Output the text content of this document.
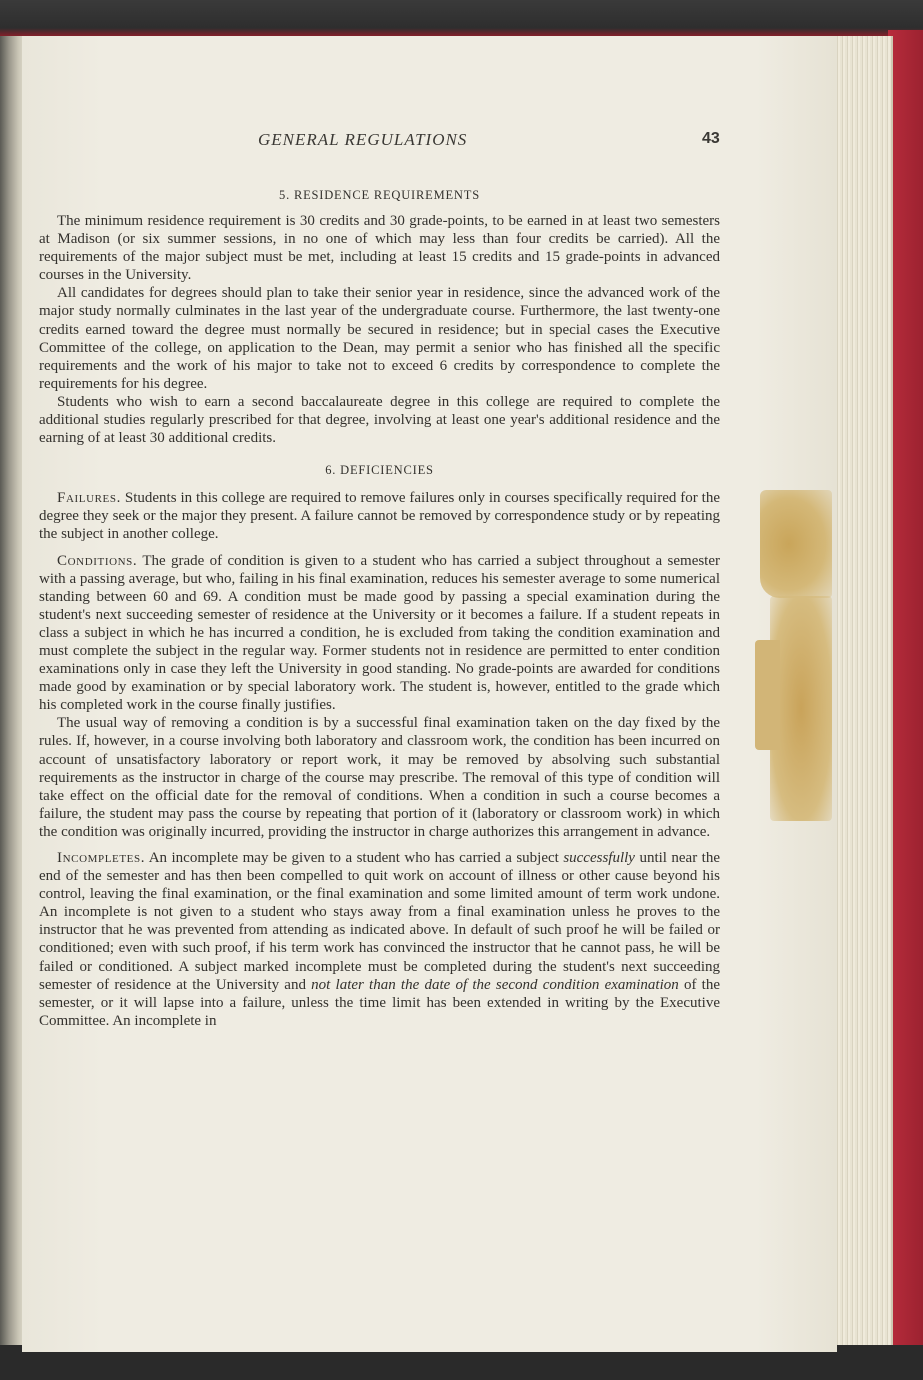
GENERAL REGULATIONS	43
5. RESIDENCE REQUIREMENTS

The minimum residence requirement is 30 credits and 30 grade-points, to be earned in at least two semesters at Madison (or six summer sessions, in no one of which may less than four credits be carried). All the requirements of the major subject must be met, including at least 15 credits and 15 grade-points in advanced courses in the University.

All candidates for degrees should plan to take their senior year in residence, since the advanced work of the major study normally culminates in the last year of the undergraduate course. Furthermore, the last twenty-one credits earned toward the degree must normally be secured in residence; but in special cases the Executive Committee of the college, on application to the Dean, may permit a senior who has finished all the specific requirements and the work of his major to take not to exceed 6 credits by correspondence to complete the requirements for his degree.

Students who wish to earn a second baccalaureate degree in this college are required to complete the additional studies regularly prescribed for that degree, involving at least one year's additional residence and the earning of at least 30 additional credits.

6. DEFICIENCIES

Failures. Students in this college are required to remove failures only in courses specifically required for the degree they seek or the major they present. A failure cannot be removed by correspondence study or by repeating the subject in another college.

Conditions. The grade of condition is given to a student who has carried a subject throughout a semester with a passing average, but who, failing in his final examination, reduces his semester average to some numerical standing between 60 and 69. A condition must be made good by passing a special examination during the student's next succeeding semester of residence at the University or it becomes a failure. If a student repeats in class a subject in which he has incurred a condition, he is excluded from taking the condition examination and must complete the subject in the regular way. Former students not in residence are permitted to enter condition examinations only in case they left the University in good standing. No grade-points are awarded for conditions made good by examination or by special laboratory work. The student is, however, entitled to the grade which his completed work in the course finally justifies.

The usual way of removing a condition is by a successful final examination taken on the day fixed by the rules. If, however, in a course involving both laboratory and classroom work, the condition has been incurred on account of unsatisfactory laboratory or report work, it may be removed by absolving such substantial requirements as the instructor in charge of the course may prescribe. The removal of this type of condition will take effect on the official date for the removal of conditions. When a condition in such a course becomes a failure, the student may pass the course by repeating that portion of it (laboratory or classroom work) in which the condition was originally incurred, providing the instructor in charge authorizes this arrangement in advance.

Incompletes. An incomplete may be given to a student who has carried a subject successfully until near the end of the semester and has then been compelled to quit work on account of illness or other cause beyond his control, leaving the final examination, or the final examination and some limited amount of term work undone. An incomplete is not given to a student who stays away from a final examination unless he proves to the instructor that he was prevented from attending as indicated above. In default of such proof he will be failed or conditioned; even with such proof, if his term work has convinced the instructor that he cannot pass, he will be failed or conditioned. A subject marked incomplete must be completed during the student's next succeeding semester of residence at the University and not later than the date of the second condition examination of the semester, or it will lapse into a failure, unless the time limit has been extended in writing by the Executive Committee. An incomplete in
